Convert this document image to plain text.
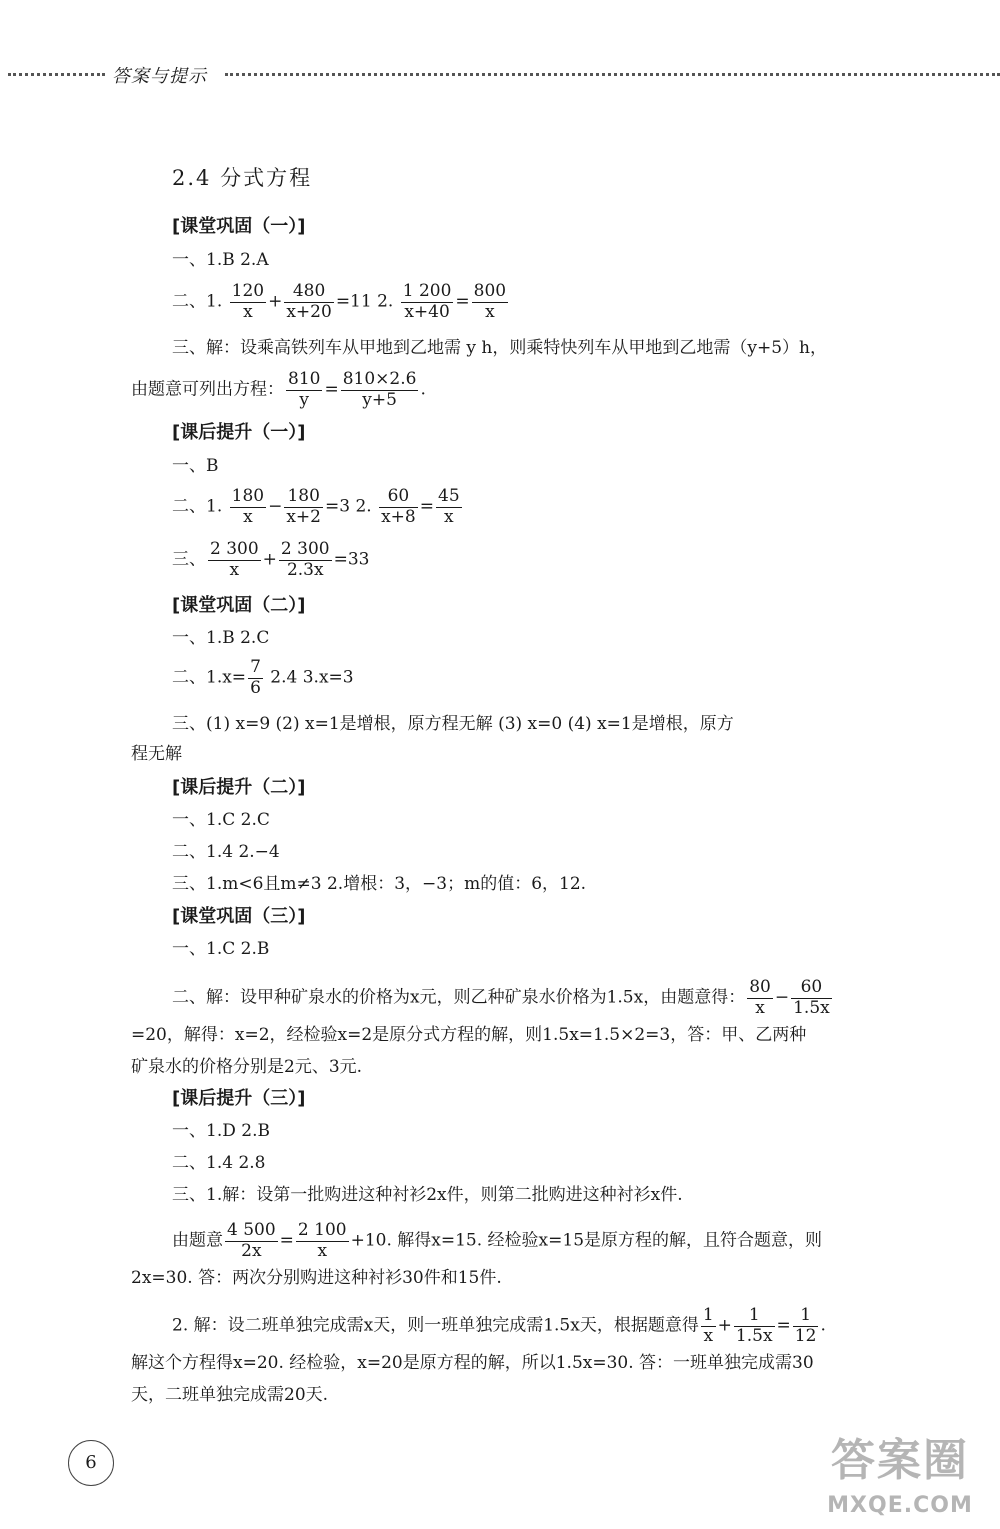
答案与提示
2.4 分式方程
[课堂巩固（一）]
一、1.B 2.A
二、1. $\frac{120}{x} + \frac{480}{x+20} =11$ 2. $\frac{1 200}{x+40} = \frac{800}{x}$
三、解：设乘高铁列车从甲地到乙地需 y h，则乘特快列车从甲地到乙地需（y+5）h，
由题意可列出方程： $\frac{810}{y} = \frac{810\times 2.6}{y+5}$ .
[课后提升（一）]
一、B
二、1. $\frac{180}{x} - \frac{180}{x+2} =3$ 2. $\frac{60}{x+8} = \frac{45}{x}$
三、 $\frac{2 300}{x} + \frac{2 300}{2.3x} =33$
[课堂巩固（二）]
一、1.B 2.C
二、$1.x= \frac{7}{6} 2.4$ 3.x=3
三、(1) x=9 (2) x=1是增根，原方程无解 (3) x=0 (4) x=1是增根，原方
程无解
[课后提升（二）]
一、1.C 2.C
二、1.4 2.−4
三、1.m<6且m≠3 2.增根：3，−3；m的值：6，12.
[课堂巩固（三）]
一、1.C 2.B
二、解：设甲种矿泉水的价格为x元，则乙种矿泉水价格为1.5x，由题意得： $\frac{80}{x} - \frac{60}{1.5x}$
=20，解得：x=2，经检验x=2是原分式方程的解，则1.5x=1.5×2=3，答：甲、乙两种
矿泉水的价格分别是2元、3元.
[课后提升（三）]
一、1.D 2.B
二、1.4 2.8
三、1.解：设第一批购进这种衬衫2x件，则第二批购进这种衬衫x件.
由题意 $\frac{4 500}{2x} = \frac{2 100}{x} +10$. 解得x=15. 经检验x=15是原方程的解，且符合题意，则
2x=30. 答：两次分别购进这种衬衫30件和15件.
2. 解：设二班单独完成需x天，则一班单独完成需1.5x天，根据题意得 $\frac{1}{x} + \frac{1}{1.5x} = \frac{1}{12}$ .
解这个方程得x=20. 经检验，x=20是原方程的解，所以1.5x=30. 答：一班单独完成需30
天，二班单独完成需20天.
6	答案圈
MXQE.COM
